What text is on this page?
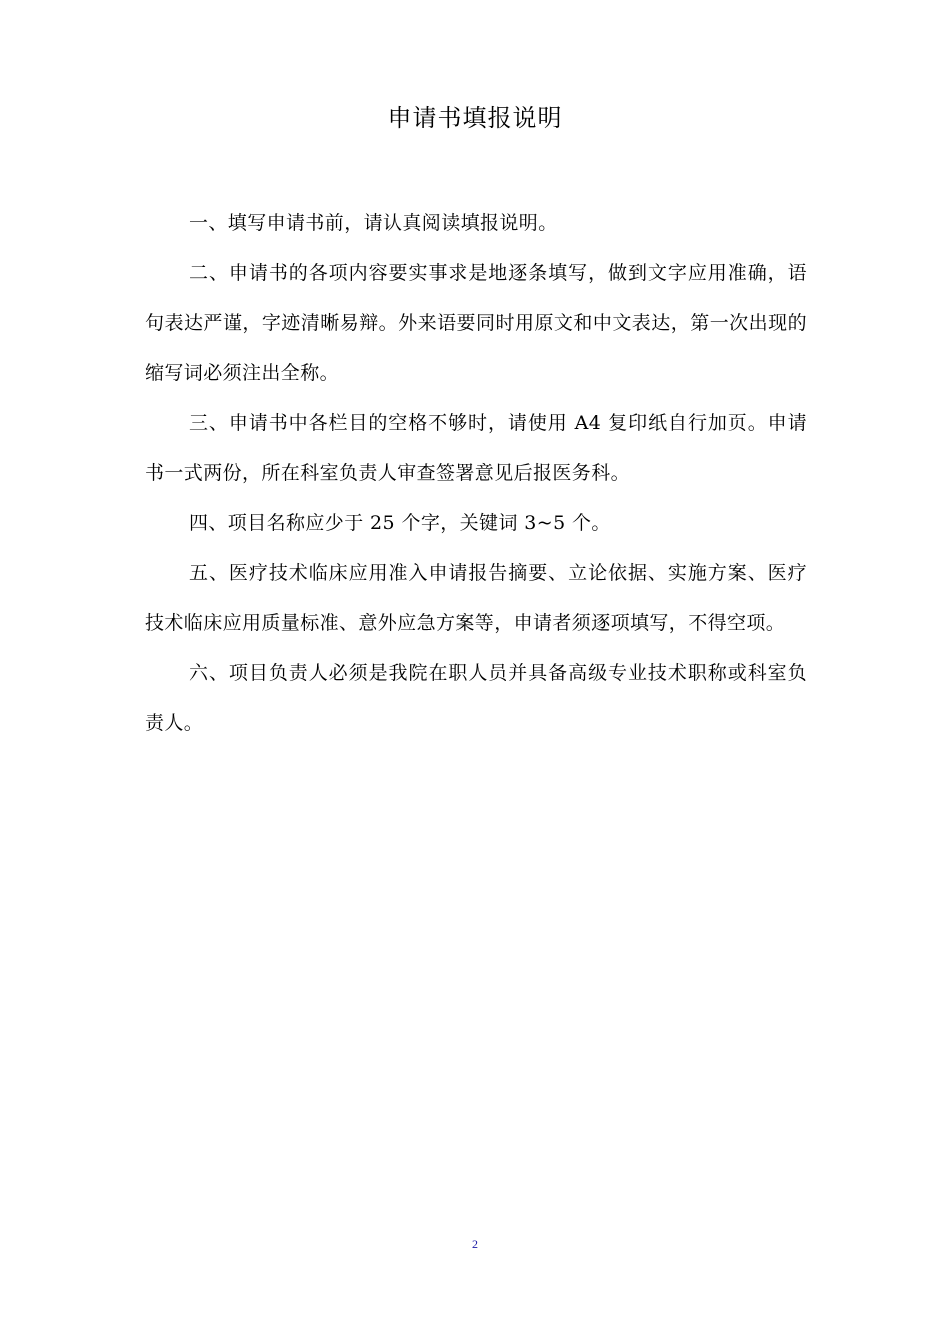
申请书填报说明

一、填写申请书前，请认真阅读填报说明。

二、申请书的各项内容要实事求是地逐条填写，做到文字应用准确，语句表达严谨，字迹清晰易辩。外来语要同时用原文和中文表达，第一次出现的缩写词必须注出全称。

三、申请书中各栏目的空格不够时，请使用 A4 复印纸自行加页。申请书一式两份，所在科室负责人审查签署意见后报医务科。

四、项目名称应少于 25 个字，关键词 3~5 个。

五、医疗技术临床应用准入申请报告摘要、立论依据、实施方案、医疗技术临床应用质量标准、意外应急方案等，申请者须逐项填写，不得空项。

六、项目负责人必须是我院在职人员并具备高级专业技术职称或科室负责人。

2
